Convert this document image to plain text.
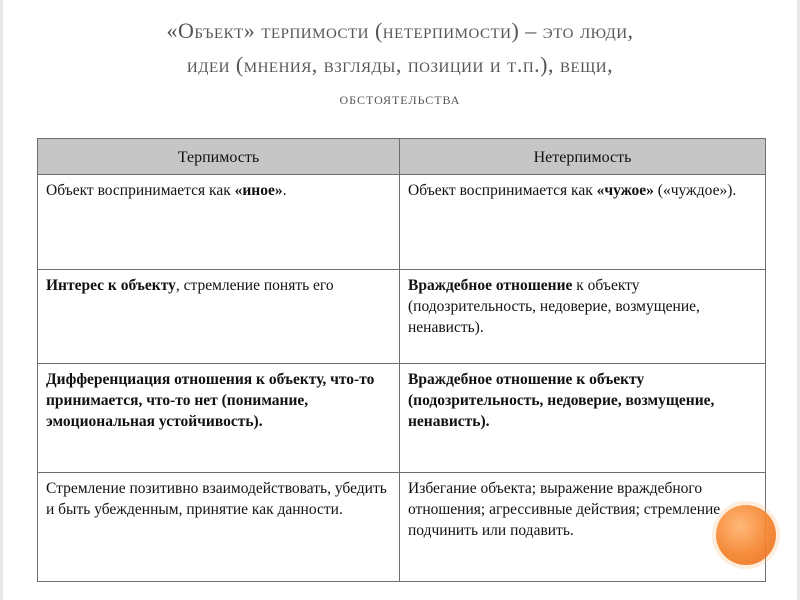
«Объект» терпимости (нетерпимости) – это люди,
идеи (мнения, взгляды, позиции и т.п.), вещи,
обстоятельства
Терпимость	Нетерпимость
Объект воспринимается как «иное».	Объект воспринимается как «чужое» («чуждое»).
Интерес к объекту, стремление понять его	Враждебное отношение к объекту (подозрительность, недоверие, возмущение, ненависть).
Дифференциация отношения к объекту, что-то принимается, что-то нет (понимание, эмоциональная устойчивость).	Враждебное отношение к объекту (подозрительность, недоверие, возмущение, ненависть).
Стремление позитивно взаимодействовать, убедить и быть убежденным, принятие как данности.	Избегание объекта; выражение враждебного отношения; агрессивные действия; стремление подчинить или подавить.
